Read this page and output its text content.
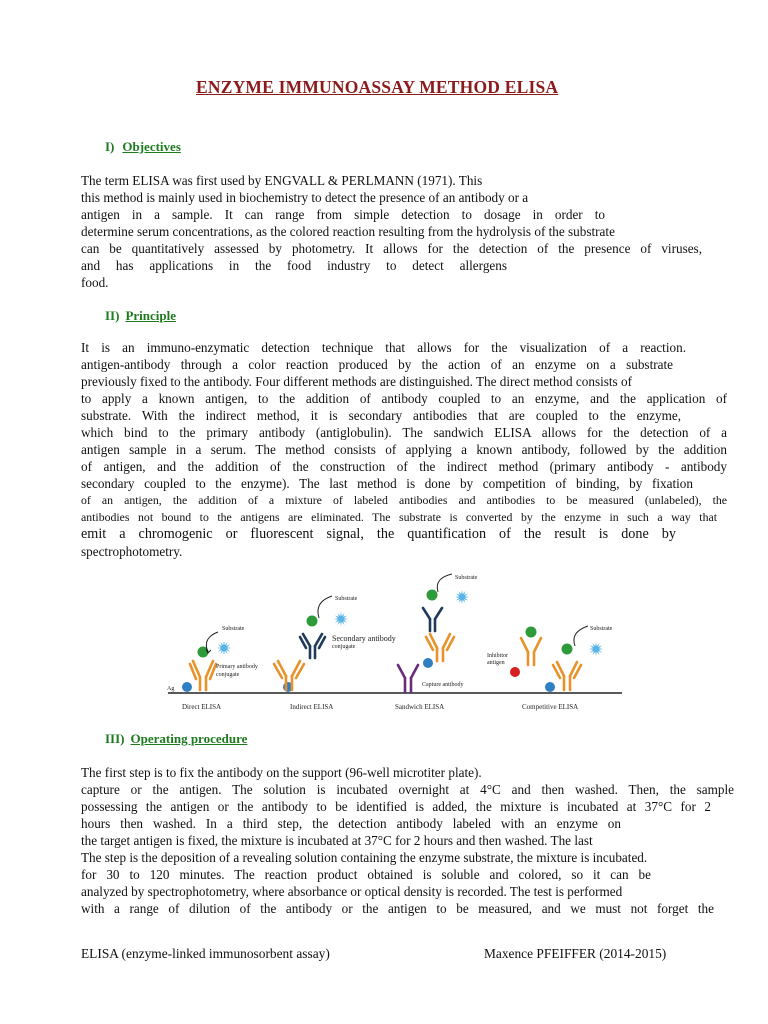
ENZYME IMMUNOASSAY METHOD ELISA
I) Objectives
The term ELISA was first used by ENGVALL & PERLMANN (1971). This
this method is mainly used in biochemistry to detect the presence of an antibody or a
antigen in a sample. It can range from simple detection to dosage in order to
determine serum concentrations, as the colored reaction resulting from the hydrolysis of the substrate
can be quantitatively assessed by photometry. It allows for the detection of the presence of viruses,
and has applications in the food industry to detect allergens
food.
II) Principle
It is an immuno-enzymatic detection technique that allows for the visualization of a reaction.
antigen-antibody through a color reaction produced by the action of an enzyme on a substrate
previously fixed to the antibody. Four different methods are distinguished. The direct method consists of
to apply a known antigen, to the addition of antibody coupled to an enzyme, and the application of
substrate. With the indirect method, it is secondary antibodies that are coupled to the enzyme,
which bind to the primary antibody (antiglobulin). The sandwich ELISA allows for the detection of a
antigen sample in a serum. The method consists of applying a known antibody, followed by the addition
of antigen, and the addition of the construction of the indirect method (primary antibody - antibody
secondary coupled to the enzyme). The last method is done by competition of binding, by fixation
of an antigen, the addition of a mixture of labeled antibodies and antibodies to be measured (unlabeled), the
antibodies not bound to the antigens are eliminated. The substrate is converted by the enzyme in such a way that
emit a chromogenic or fluorescent signal, the quantification of the result is done by
spectrophotometry.
Ag
Substrate
Primary antibody
conjugate
Direct ELISA
Substrate
Secondary antibody
conjugate
Indirect ELISA
Substrate
Capture antibody
Sandwich ELISA
Inhibitor
antigen
Substrate
Competitive ELISA
III) Operating procedure
The first step is to fix the antibody on the support (96-well microtiter plate).
capture or the antigen. The solution is incubated overnight at 4°C and then washed. Then, the sample
possessing the antigen or the antibody to be identified is added, the mixture is incubated at 37°C for 2
hours then washed. In a third step, the detection antibody labeled with an enzyme on
the target antigen is fixed, the mixture is incubated at 37°C for 2 hours and then washed. The last
The step is the deposition of a revealing solution containing the enzyme substrate, the mixture is incubated.
for 30 to 120 minutes. The reaction product obtained is soluble and colored, so it can be
analyzed by spectrophotometry, where absorbance or optical density is recorded. The test is performed
with a range of dilution of the antibody or the antigen to be measured, and we must not forget the
ELISA (enzyme-linked immunosorbent assay)	Maxence PFEIFFER (2014-2015)
